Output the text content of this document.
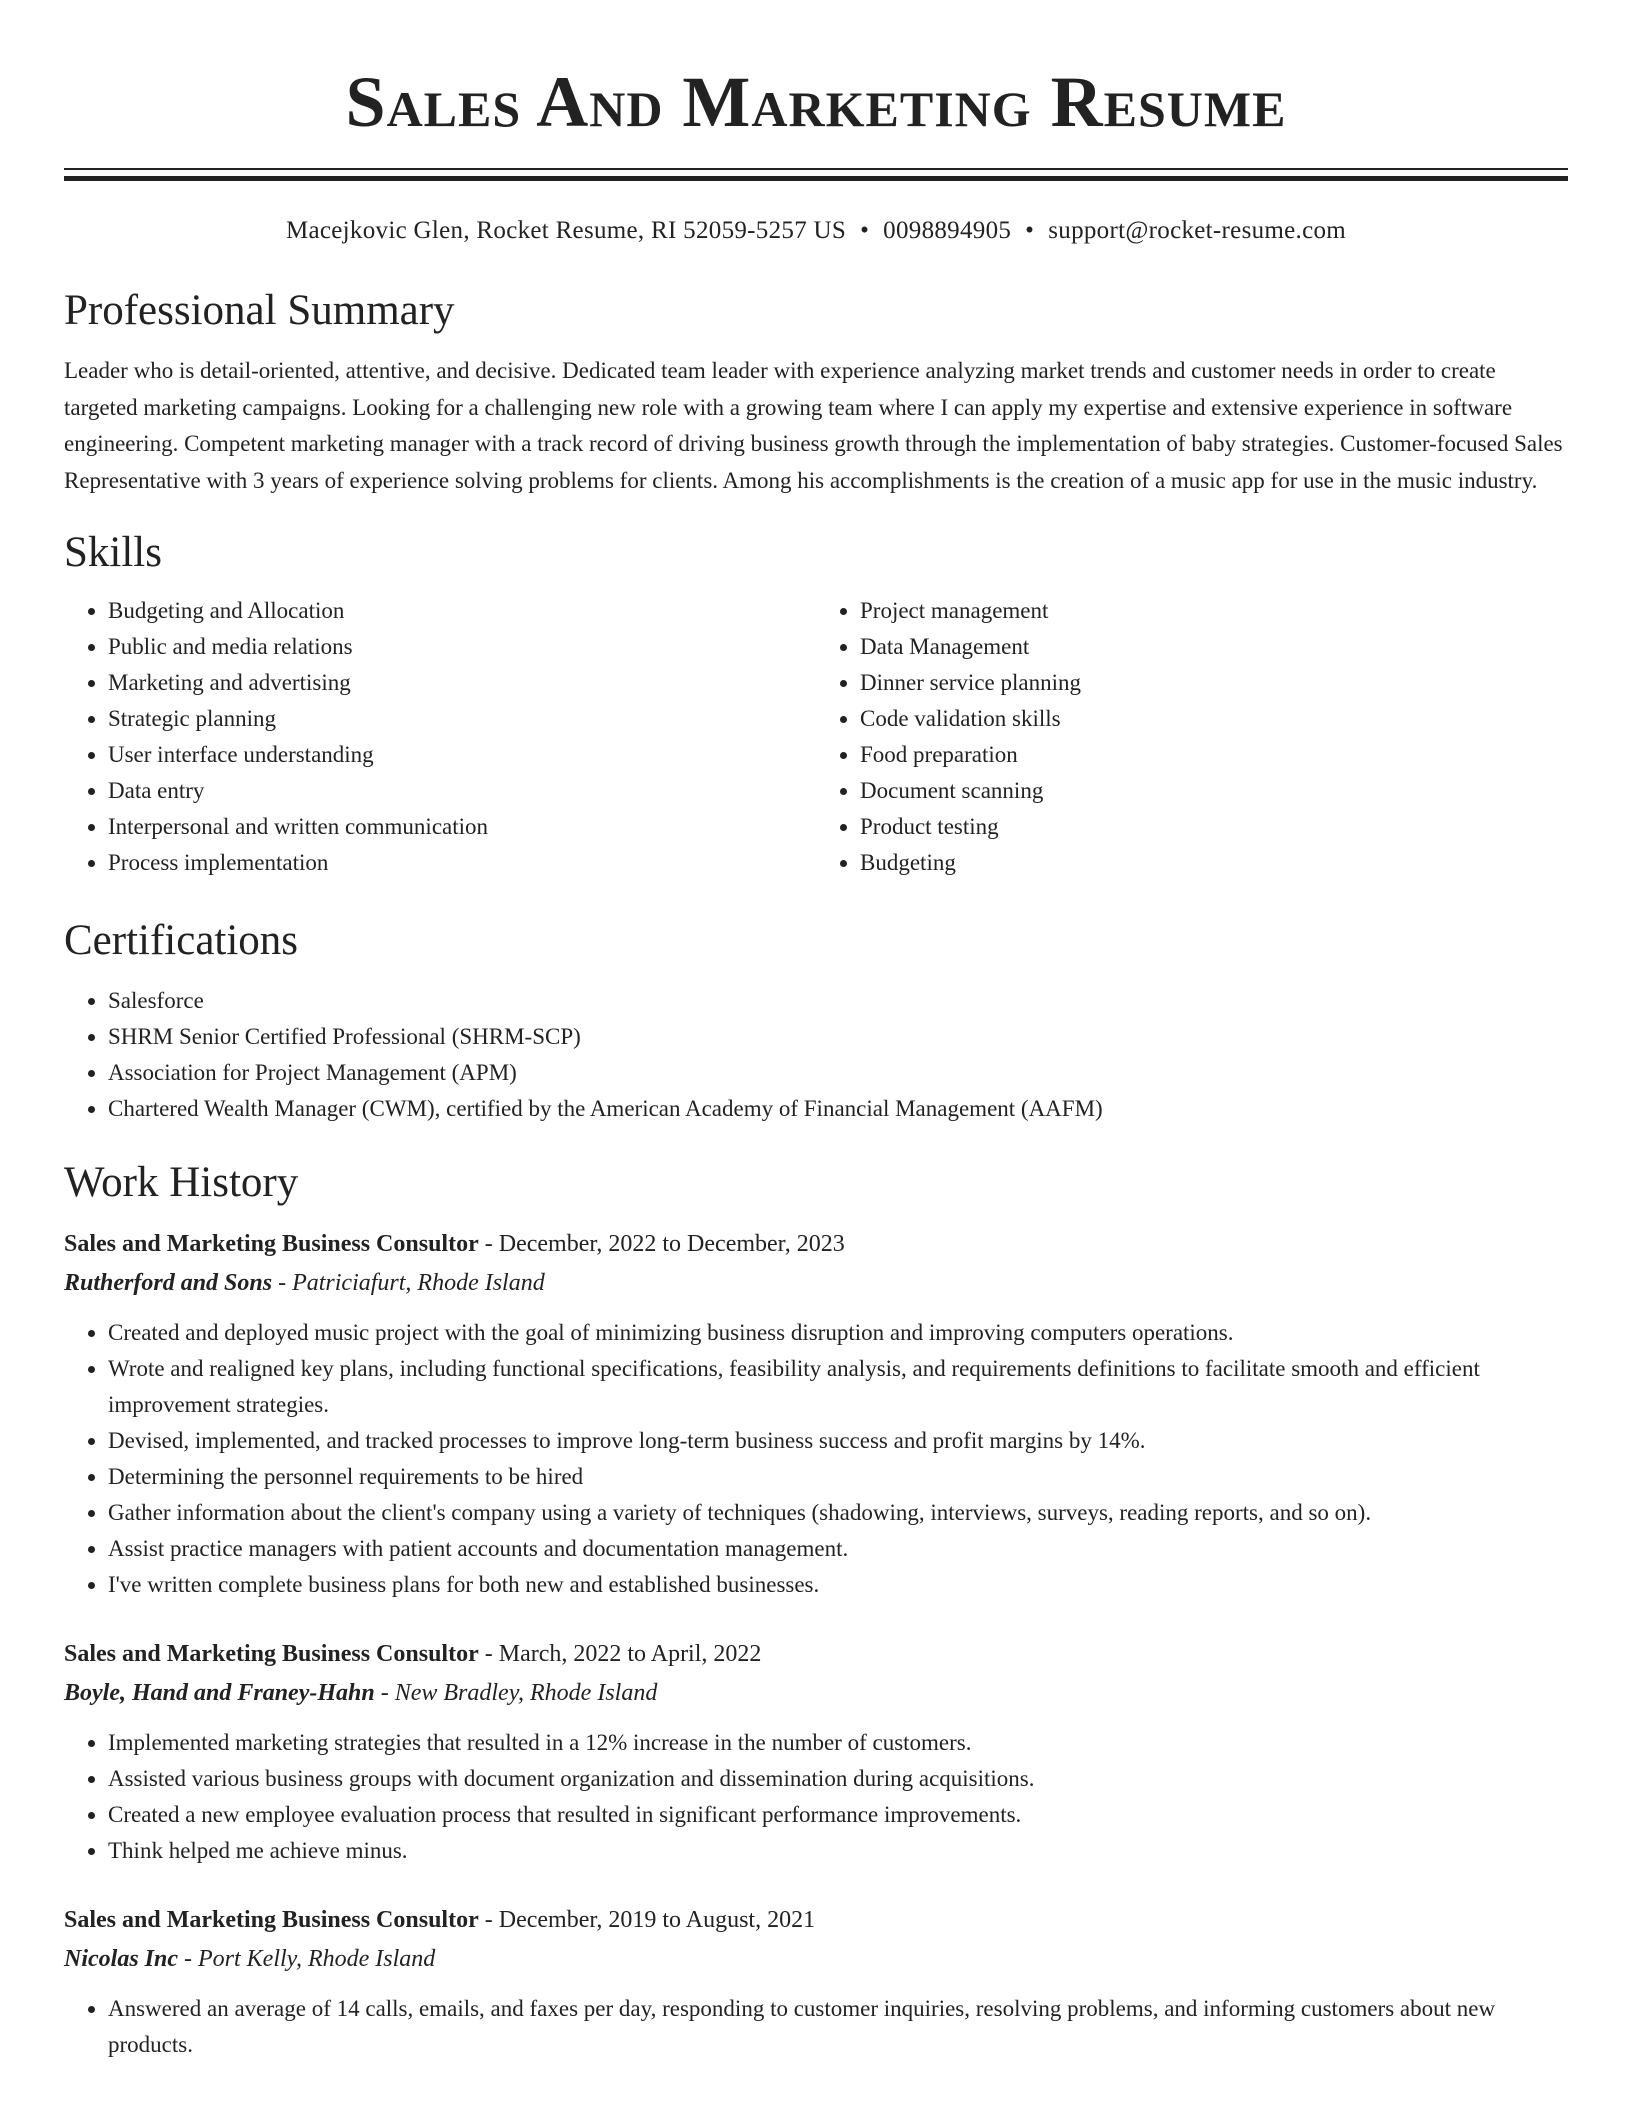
Sales And Marketing Resume
Macejkovic Glen, Rocket Resume, RI 52059-5257 US • 0098894905 • support@rocket-resume.com
Professional Summary

Leader who is detail-oriented, attentive, and decisive. Dedicated team leader with experience analyzing market trends and customer needs in order to create targeted marketing campaigns. Looking for a challenging new role with a growing team where I can apply my expertise and extensive experience in software engineering. Competent marketing manager with a track record of driving business growth through the implementation of baby strategies. Customer-focused Sales Representative with 3 years of experience solving problems for clients. Among his accomplishments is the creation of a music app for use in the music industry.

Skills
• Budgeting and Allocation
• Public and media relations
• Marketing and advertising
• Strategic planning
• User interface understanding
• Data entry
• Interpersonal and written communication
• Process implementation
• Project management
• Data Management
• Dinner service planning
• Code validation skills
• Food preparation
• Document scanning
• Product testing
• Budgeting
Certifications
• Salesforce
• SHRM Senior Certified Professional (SHRM-SCP)
• Association for Project Management (APM)
• Chartered Wealth Manager (CWM), certified by the American Academy of Financial Management (AAFM)
Work History
Sales and Marketing Business Consultor - December, 2022 to December, 2023
Rutherford and Sons - Patriciafurt, Rhode Island
• Created and deployed music project with the goal of minimizing business disruption and improving computers operations.
• Wrote and realigned key plans, including functional specifications, feasibility analysis, and requirements definitions to facilitate smooth and efficient improvement strategies.
• Devised, implemented, and tracked processes to improve long-term business success and profit margins by 14%.
• Determining the personnel requirements to be hired
• Gather information about the client's company using a variety of techniques (shadowing, interviews, surveys, reading reports, and so on).
• Assist practice managers with patient accounts and documentation management.
• I've written complete business plans for both new and established businesses.
Sales and Marketing Business Consultor - March, 2022 to April, 2022
Boyle, Hand and Franey-Hahn - New Bradley, Rhode Island
• Implemented marketing strategies that resulted in a 12% increase in the number of customers.
• Assisted various business groups with document organization and dissemination during acquisitions.
• Created a new employee evaluation process that resulted in significant performance improvements.
• Think helped me achieve minus.
Sales and Marketing Business Consultor - December, 2019 to August, 2021
Nicolas Inc - Port Kelly, Rhode Island
• Answered an average of 14 calls, emails, and faxes per day, responding to customer inquiries, resolving problems, and informing customers about new products.
